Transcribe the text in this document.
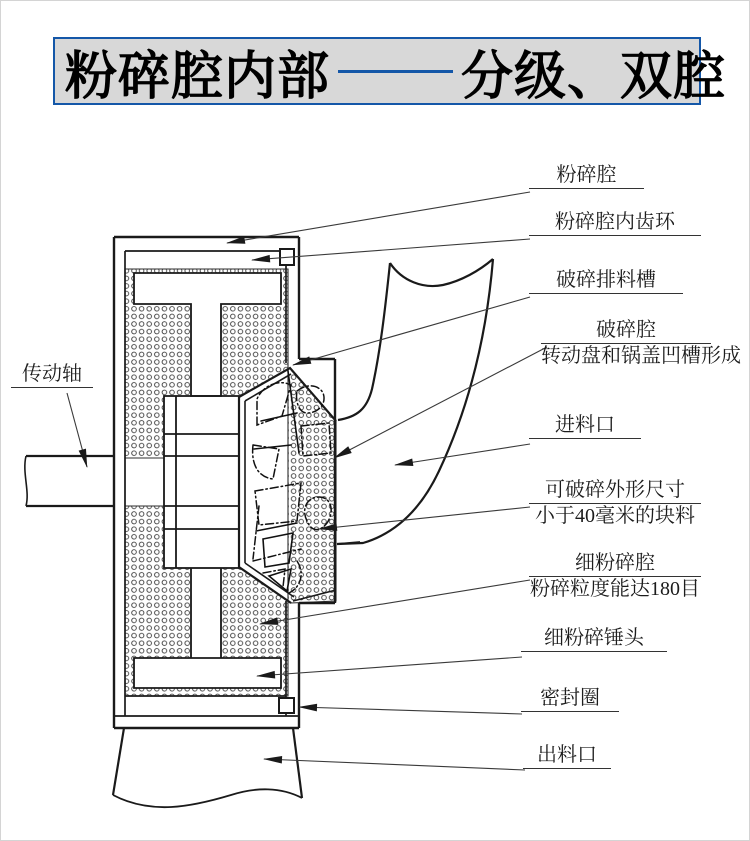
粉碎腔内部	分级、双腔
传动轴
粉碎腔
粉碎腔内齿环
破碎排料槽
破碎腔
转动盘和锅盖凹槽形成
进料口
可破碎外形尺寸
小于40毫米的块料
细粉碎腔
粉碎粒度能达180目
细粉碎锤头
密封圈
出料口
